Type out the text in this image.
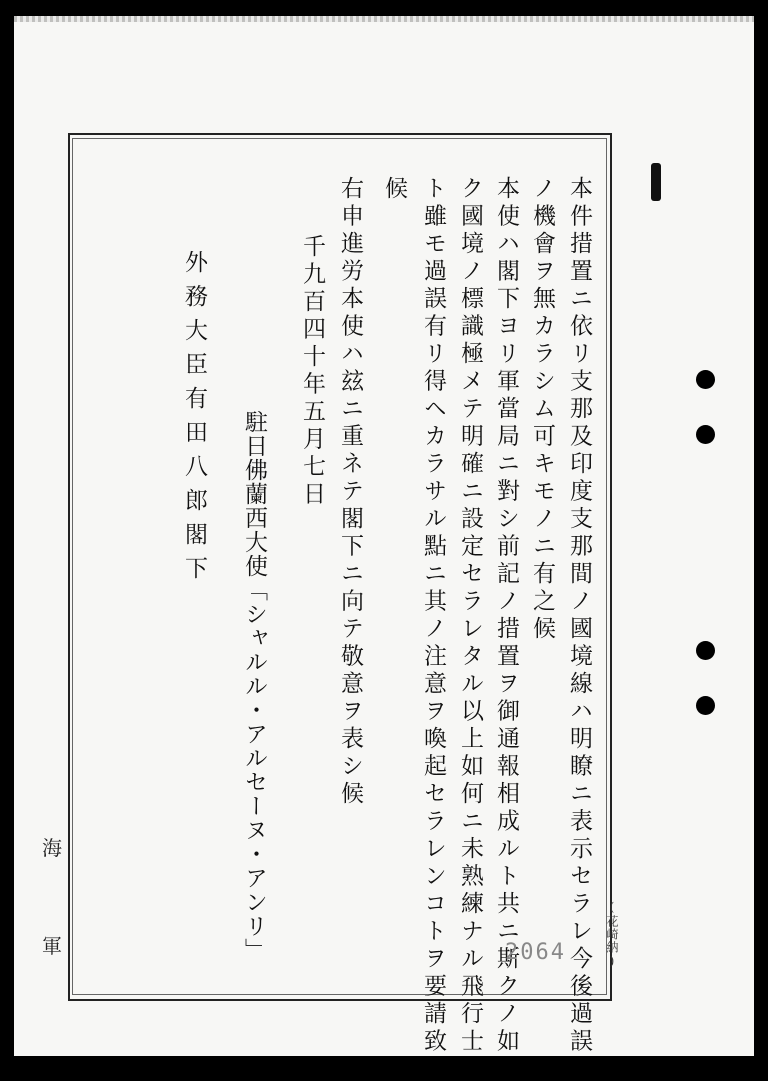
本件措置ニ依リ支那及印度支那間ノ國境線ハ明瞭ニ表示セラレ今後過誤
ノ機會ヲ無カラシム可キモノニ有之候
本使ハ閣下ヨリ軍當局ニ對シ前記ノ措置ヲ御通報相成ルト共ニ斯クノ如
ク國境ノ標識極メテ明確ニ設定セラレタル以上如何ニ未熟練ナル飛行士
ト雖モ過誤有リ得ヘカラサル點ニ其ノ注意ヲ喚起セラレンコトヲ要請致
候
右申進労本使ハ玆ニ重ネテ閣下ニ向テ敬意ヲ表シ候
千九百四十年五月七日
駐日佛蘭西大使「シャルル・アルセーヌ・アンリ」
外務大臣有田八郎閣下
海
軍	(花崎納)
2064
